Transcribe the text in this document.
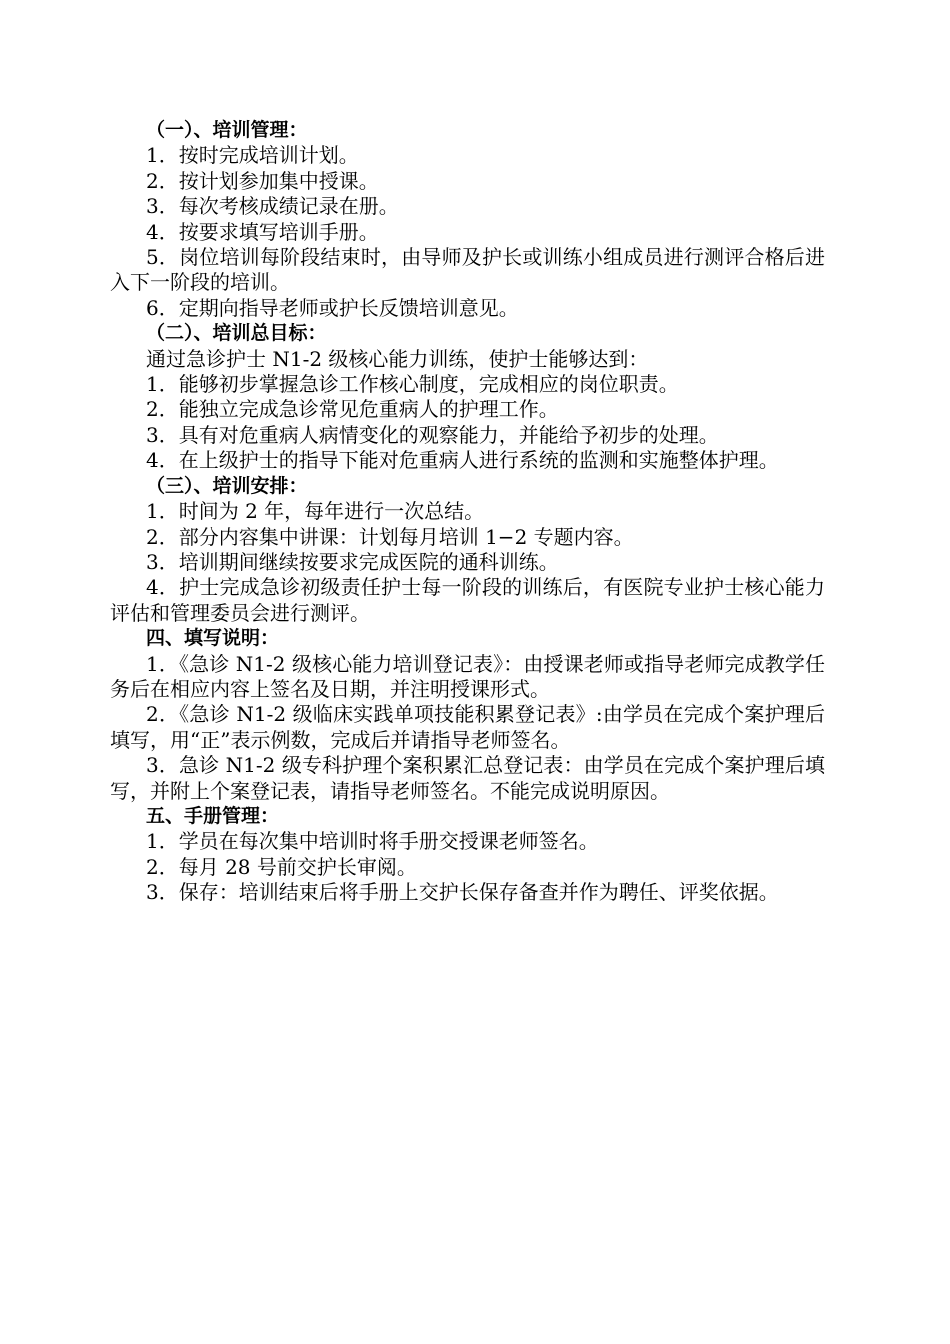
（一）、培训管理：
1．按时完成培训计划。
2．按计划参加集中授课。
3．每次考核成绩记录在册。
4．按要求填写培训手册。
5．岗位培训每阶段结束时，由导师及护长或训练小组成员进行测评合格后进入下一阶段的培训。
6．定期向指导老师或护长反馈培训意见。
（二）、培训总目标：
通过急诊护士 N1-2 级核心能力训练，使护士能够达到：
1．能够初步掌握急诊工作核心制度，完成相应的岗位职责。
2．能独立完成急诊常见危重病人的护理工作。
3．具有对危重病人病情变化的观察能力，并能给予初步的处理。
4．在上级护士的指导下能对危重病人进行系统的监测和实施整体护理。
（三）、培训安排：
1．时间为 2 年，每年进行一次总结。
2．部分内容集中讲课：计划每月培训 1−2 专题内容。
3．培训期间继续按要求完成医院的通科训练。
4．护士完成急诊初级责任护士每一阶段的训练后，有医院专业护士核心能力评估和管理委员会进行测评。
四、填写说明：
1．《急诊 N1-2 级核心能力培训登记表》：由授课老师或指导老师完成教学任务后在相应内容上签名及日期，并注明授课形式。
2．《急诊 N1-2 级临床实践单项技能积累登记表》:由学员在完成个案护理后填写，用“正”表示例数，完成后并请指导老师签名。
3．急诊 N1-2 级专科护理个案积累汇总登记表：由学员在完成个案护理后填写，并附上个案登记表，请指导老师签名。不能完成说明原因。
五、手册管理：
1．学员在每次集中培训时将手册交授课老师签名。
2．每月 28 号前交护长审阅。
3．保存：培训结束后将手册上交护长保存备查并作为聘任、评奖依据。
